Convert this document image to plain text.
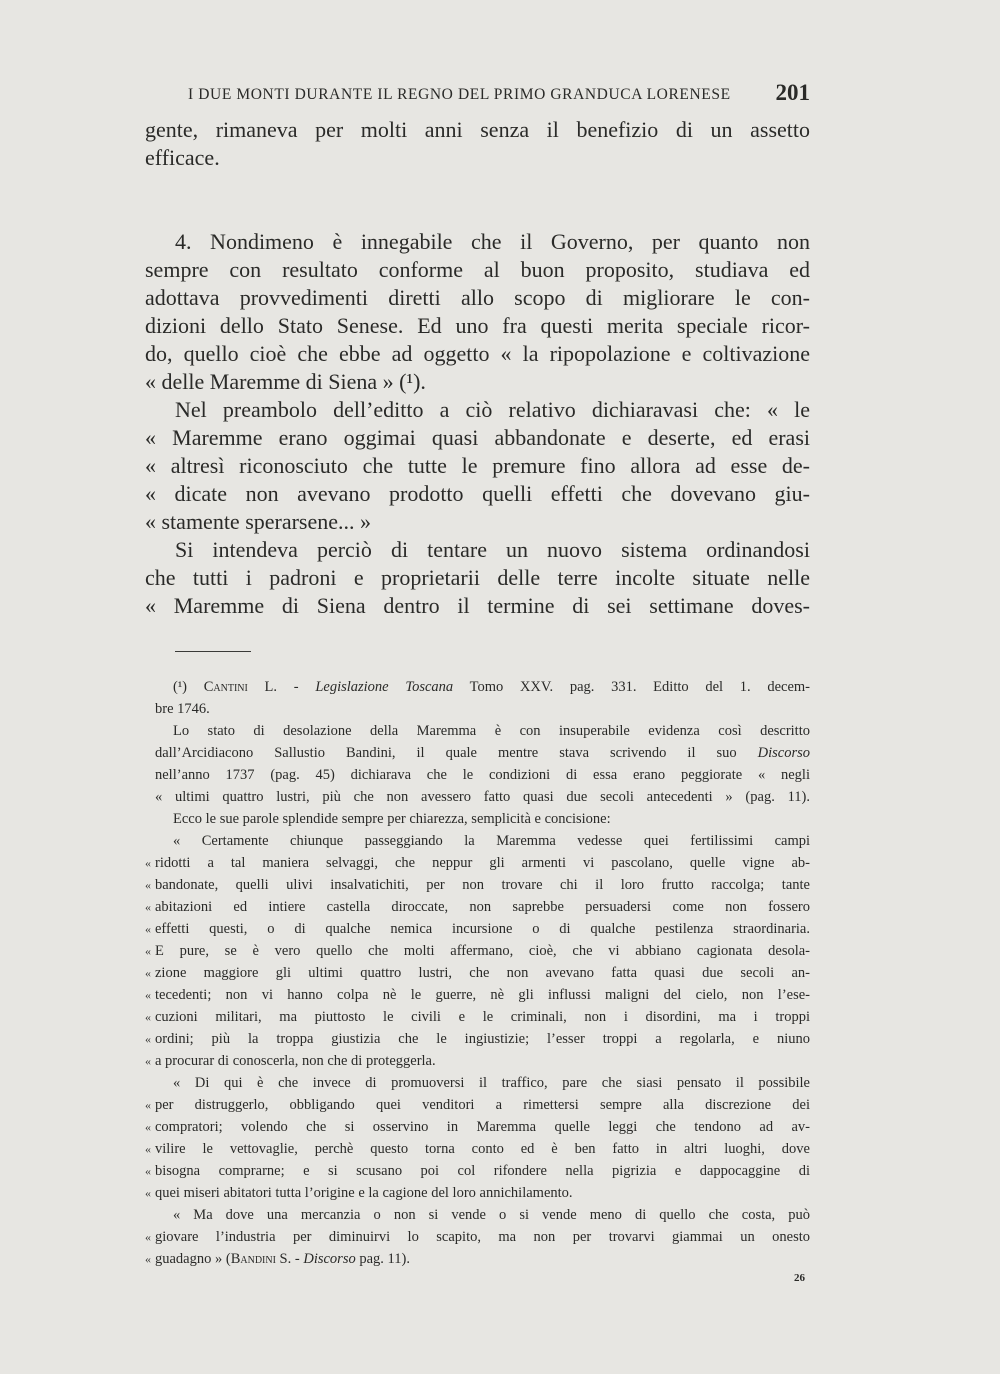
I DUE MONTI DURANTE IL REGNO DEL PRIMO GRANDUCA LORENESE 201
gente, rimaneva per molti anni senza il benefizio di un assetto
efficace.
4. Nondimeno è innegabile che il Governo, per quanto non
sempre con resultato conforme al buon proposito, studiava ed
adottava provvedimenti diretti allo scopo di migliorare le con-
dizioni dello Stato Senese. Ed uno fra questi merita speciale ricor-
do, quello cioè che ebbe ad oggetto « la ripopolazione e coltivazione
« delle Maremme di Siena » (¹).
Nel preambolo dell’editto a ciò relativo dichiaravasi che: « le
« Maremme erano oggimai quasi abbandonate e deserte, ed erasi
« altresì riconosciuto che tutte le premure fino allora ad esse de-
« dicate non avevano prodotto quelli effetti che dovevano giu-
« stamente sperarsene... »
Si intendeva perciò di tentare un nuovo sistema ordinandosi
che tutti i padroni e proprietarii delle terre incolte situate nelle
« Maremme di Siena dentro il termine di sei settimane doves-
(¹) Cantini L. - Legislazione Toscana Tomo XXV. pag. 331. Editto del 1. decem-
bre 1746.
Lo stato di desolazione della Maremma è con insuperabile evidenza così descritto
dall’Arcidiacono Sallustio Bandini, il quale mentre stava scrivendo il suo Discorso
nell’anno 1737 (pag. 45) dichiarava che le condizioni di essa erano peggiorate « negli
« ultimi quattro lustri, più che non avessero fatto quasi due secoli antecedenti » (pag. 11).
Ecco le sue parole splendide sempre per chiarezza, semplicità e concisione:
« Certamente chiunque passeggiando la Maremma vedesse quei fertilissimi campi
« ridotti a tal maniera selvaggi, che neppur gli armenti vi pascolano, quelle vigne ab-
« bandonate, quelli ulivi insalvatichiti, per non trovare chi il loro frutto raccolga; tante
« abitazioni ed intiere castella diroccate, non saprebbe persuadersi come non fossero
« effetti questi, o di qualche nemica incursione o di qualche pestilenza straordinaria.
« E pure, se è vero quello che molti affermano, cioè, che vi abbiano cagionata desola-
« zione maggiore gli ultimi quattro lustri, che non avevano fatta quasi due secoli an-
« tecedenti; non vi hanno colpa nè le guerre, nè gli influssi maligni del cielo, non l’ese-
« cuzioni militari, ma piuttosto le civili e le criminali, non i disordini, ma i troppi
« ordini; più la troppa giustizia che le ingiustizie; l’esser troppi a regolarla, e niuno
« a procurar di conoscerla, non che di proteggerla.
« Di qui è che invece di promuoversi il traffico, pare che siasi pensato il possibile
« per distruggerlo, obbligando quei venditori a rimettersi sempre alla discrezione dei
« compratori; volendo che si osservino in Maremma quelle leggi che tendono ad av-
« vilire le vettovaglie, perchè questo torna conto ed è ben fatto in altri luoghi, dove
« bisogna comprarne; e si scusano poi col rifondere nella pigrizia e dappocaggine di
« quei miseri abitatori tutta l’origine e la cagione del loro annichilamento.
« Ma dove una mercanzia o non si vende o si vende meno di quello che costa, può
« giovare l’industria per diminuirvi lo scapito, ma non per trovarvi giammai un onesto
« guadagno » (Bandini S. - Discorso pag. 11).
26
